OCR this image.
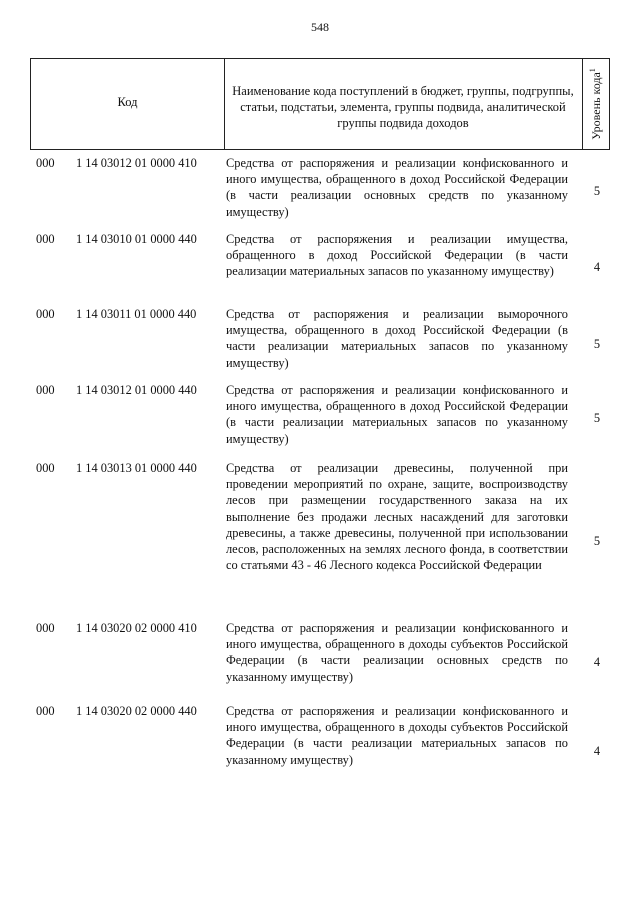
548
Код
Наименование кода поступлений в бюджет, группы, подгруппы, статьи, подстатьи, элемента, группы подвида, аналитической группы подвида доходов	Уровень кода$^1$
000 1 14 03012 01 0000 410 Средства от распоряжения и реализации конфискованного и иного имущества, обращенного в доход Российской Федерации (в части реализации основных средств по указанному имуществу)
5
000 1 14 03010 01 0000 440 Средства от распоряжения и реализации имущества, обращенного в доход Российской Федерации (в части реализации материальных запасов по указанному имуществу)	4
000 1 14 03011 01 0000 440 Средства от распоряжения и реализации выморочного имущества, обращенного в доход Российской Федерации (в части реализации материальных запасов по указанному имуществу)
5
000 1 14 03012 01 0000 440 Средства от распоряжения и реализации конфискованного и иного имущества, обращенного в доход Российской Федерации (в части реализации материальных запасов по указанному имуществу)
5
000 1 14 03013 01 0000 440 Средства от реализации древесины, полученной при проведении мероприятий по охране, защите, воспроизводству лесов при размещении государственного заказа на их выполнение без продажи лесных насаждений для заготовки древесины, а также древесины, полученной при использовании лесов, расположенных на землях лесного фонда, в соответствии со статьями 43 - 46 Лесного кодекса Российской Федерации
5
000 1 14 03020 02 0000 410 Средства от распоряжения и реализации конфискованного и иного имущества, обращенного в доходы субъектов Российской Федерации (в части реализации основных средств по указанному имуществу)
4
000 1 14 03020 02 0000 440 Средства от распоряжения и реализации конфискованного и иного имущества, обращенного в доходы субъектов Российской Федерации (в части реализации материальных запасов по указанному имуществу)
4
